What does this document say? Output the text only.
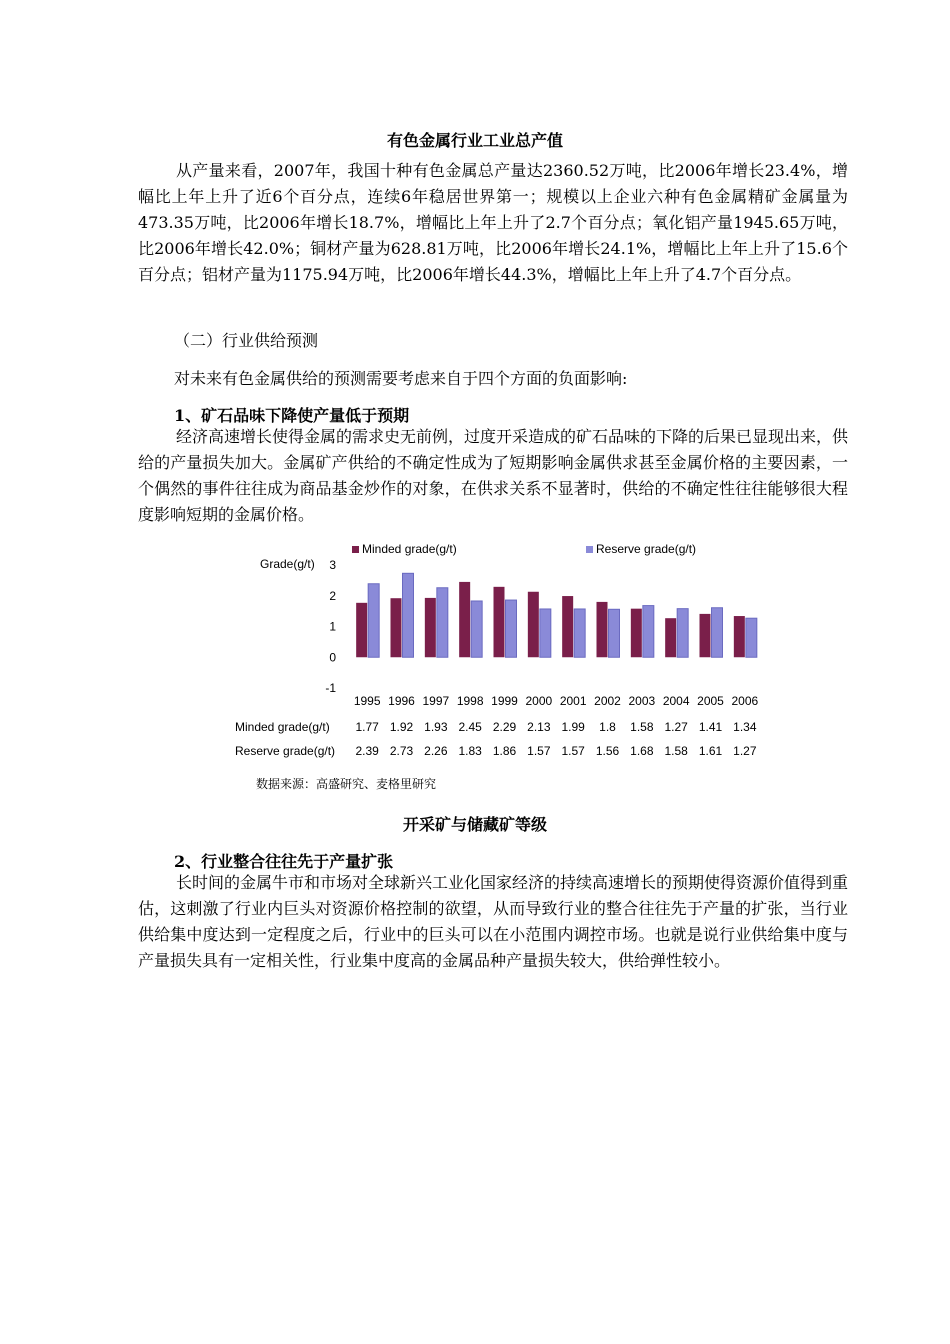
有色金属行业工业总产值

从产量来看，2007年，我国十种有色金属总产量达2360.52万吨，比2006年增长23.4%，增幅比上年上升了近6个百分点，连续6年稳居世界第一；规模以上企业六种有色金属精矿金属量为473.35万吨，比2006年增长18.7%，增幅比上年上升了2.7个百分点；氧化铝产量1945.65万吨，比2006年增长42.0%；铜材产量为628.81万吨，比2006年增长24.1%，增幅比上年上升了15.6个百分点；铝材产量为1175.94万吨，比2006年增长44.3%，增幅比上年上升了4.7个百分点。

（二）行业供给预测
对未来有色金属供给的预测需要考虑来自于四个方面的负面影响:
1、矿石品味下降使产量低于预期

经济高速增长使得金属的需求史无前例，过度开采造成的矿石品味的下降的后果已显现出来，供给的产量损失加大。金属矿产供给的不确定性成为了短期影响金属供求甚至金属价格的主要因素，一个偶然的事件往往成为商品基金炒作的对象，在供求关系不显著时，供给的不确定性往往能够很大程度影响短期的金属价格。

Grade(g/t) 3
2
1
0
-1
Minded grade(g/t)	Reserve grade(g/t)
1995 1996 1997 1998 1999 2000 2001 2002 2003 2004 2005 2006
Minded grade(g/t) 1.77 1.92 1.93 2.45 2.29 2.13 1.99 1.8 1.58 1.27 1.41 1.34
Reserve grade(g/t) 2.39 2.73 2.26 1.83 1.86 1.57 1.57 1.56 1.68 1.58 1.61 1.27
数据来源：高盛研究、麦格里研究
开采矿与储藏矿等级
2、行业整合往往先于产量扩张

长时间的金属牛市和市场对全球新兴工业化国家经济的持续高速增长的预期使得资源价值得到重估，这刺激了行业内巨头对资源价格控制的欲望，从而导致行业的整合往往先于产量的扩张，当行业供给集中度达到一定程度之后，行业中的巨头可以在小范围内调控市场。也就是说行业供给集中度与产量损失具有一定相关性，行业集中度高的金属品种产量损失较大，供给弹性较小。
